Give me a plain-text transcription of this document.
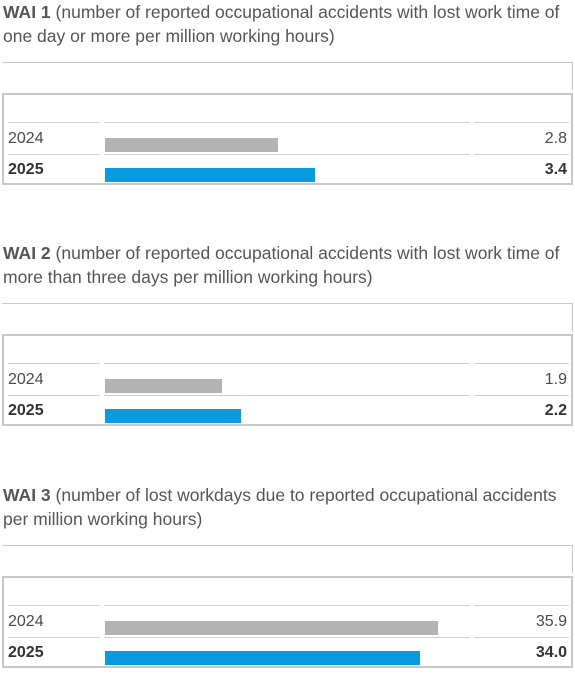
WAI 1 (number of reported occupational accidents with lost work time of one day or more per million working hours)
2024
2025
2.8
3.4
WAI 2 (number of reported occupational accidents with lost work time of more than three days per million working hours)
2024
2025
1.9
2.2
WAI 3 (number of lost workdays due to reported occupational accidents per million working hours)
2024
2025
35.9
34.0
